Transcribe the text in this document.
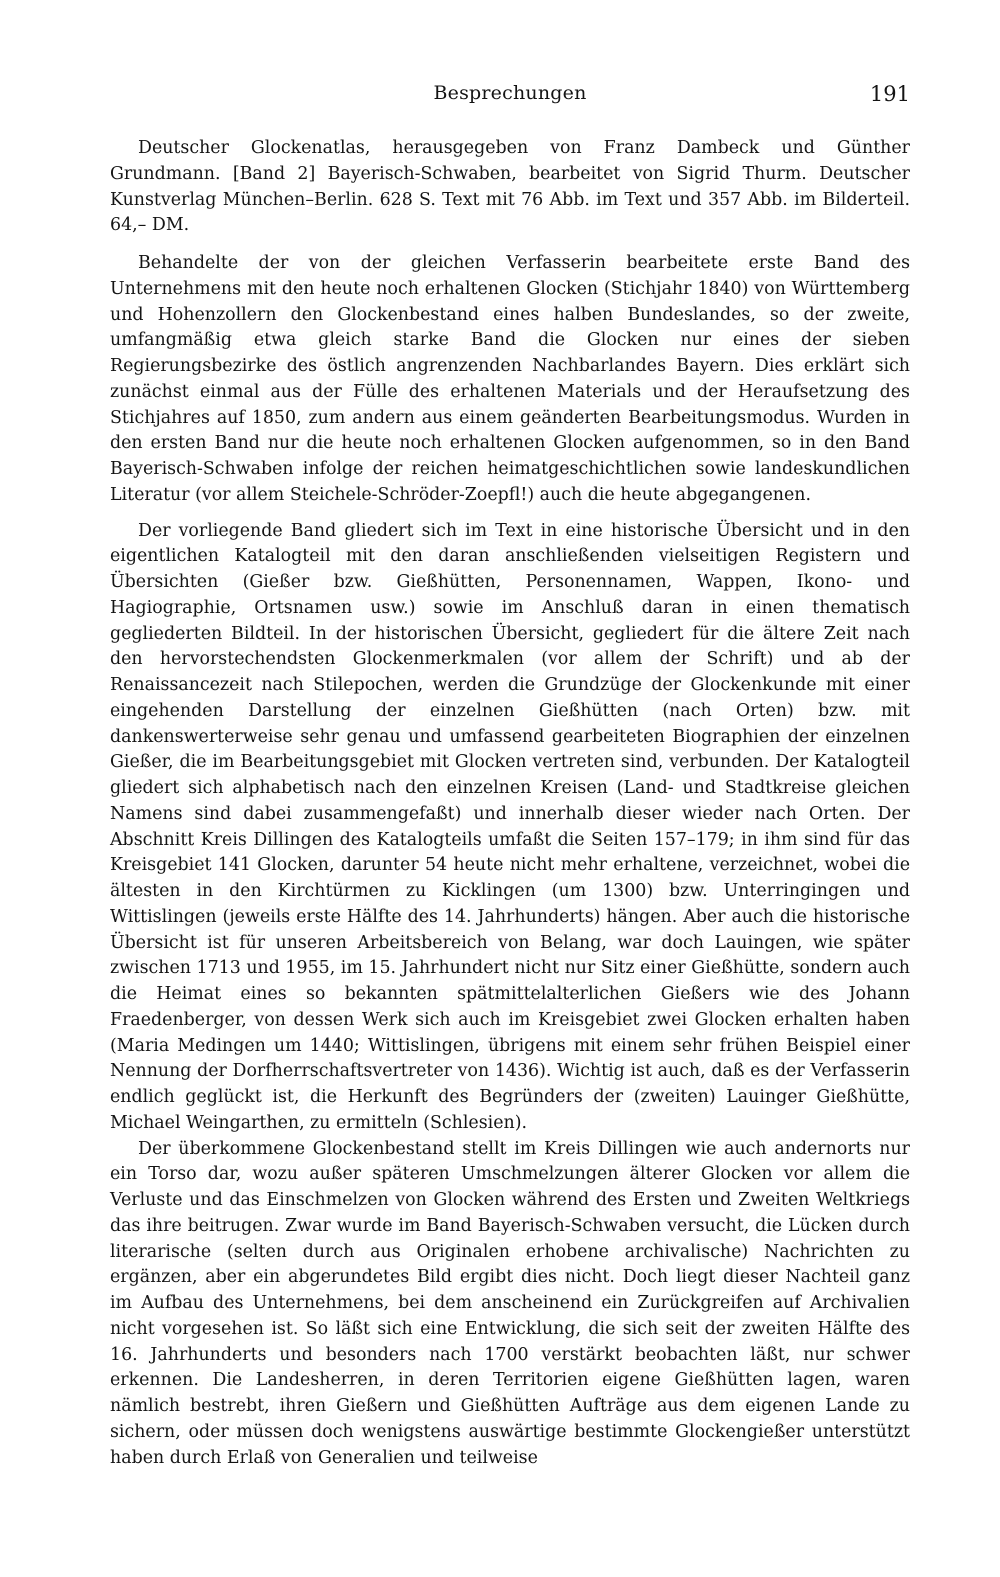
Besprechungen	191

Deutscher Glockenatlas, herausgegeben von Franz Dambeck und Günther Grundmann. [Band 2] Bayerisch-Schwaben, bearbeitet von Sigrid Thurm. Deutscher Kunstverlag München–Berlin. 628 S. Text mit 76 Abb. im Text und 357 Abb. im Bilderteil. 64,– DM.

Behandelte der von der gleichen Verfasserin bearbeitete erste Band des Unternehmens mit den heute noch erhaltenen Glocken (Stichjahr 1840) von Württemberg und Hohenzollern den Glockenbestand eines halben Bundeslandes, so der zweite, umfangmäßig etwa gleich starke Band die Glocken nur eines der sieben Regierungsbezirke des östlich angrenzenden Nachbarlandes Bayern. Dies erklärt sich zunächst einmal aus der Fülle des erhaltenen Materials und der Heraufsetzung des Stichjahres auf 1850, zum andern aus einem geänderten Bearbeitungsmodus. Wurden in den ersten Band nur die heute noch erhaltenen Glocken aufgenommen, so in den Band Bayerisch-Schwaben infolge der reichen heimatgeschichtlichen sowie landeskundlichen Literatur (vor allem Steichele-Schröder-Zoepfl!) auch die heute abgegangenen.

Der vorliegende Band gliedert sich im Text in eine historische Übersicht und in den eigentlichen Katalogteil mit den daran anschließenden vielseitigen Registern und Übersichten (Gießer bzw. Gießhütten, Personennamen, Wappen, Ikono- und Hagiographie, Ortsnamen usw.) sowie im Anschluß daran in einen thematisch gegliederten Bildteil. In der historischen Übersicht, gegliedert für die ältere Zeit nach den hervorstechendsten Glockenmerkmalen (vor allem der Schrift) und ab der Renaissancezeit nach Stilepochen, werden die Grundzüge der Glockenkunde mit einer eingehenden Darstellung der einzelnen Gießhütten (nach Orten) bzw. mit dankenswerterweise sehr genau und umfassend gearbeiteten Biographien der einzelnen Gießer, die im Bearbeitungsgebiet mit Glocken vertreten sind, verbunden. Der Katalogteil gliedert sich alphabetisch nach den einzelnen Kreisen (Land- und Stadtkreise gleichen Namens sind dabei zusammengefaßt) und innerhalb dieser wieder nach Orten. Der Abschnitt Kreis Dillingen des Katalogteils umfaßt die Seiten 157–179; in ihm sind für das Kreisgebiet 141 Glocken, darunter 54 heute nicht mehr erhaltene, verzeichnet, wobei die ältesten in den Kirchtürmen zu Kicklingen (um 1300) bzw. Unterringingen und Wittislingen (jeweils erste Hälfte des 14. Jahrhunderts) hängen. Aber auch die historische Übersicht ist für unseren Arbeitsbereich von Belang, war doch Lauingen, wie später zwischen 1713 und 1955, im 15. Jahrhundert nicht nur Sitz einer Gießhütte, sondern auch die Heimat eines so bekannten spätmittelalterlichen Gießers wie des Johann Fraedenberger, von dessen Werk sich auch im Kreisgebiet zwei Glocken erhalten haben (Maria Medingen um 1440; Wittislingen, übrigens mit einem sehr frühen Beispiel einer Nennung der Dorfherrschaftsvertreter von 1436). Wichtig ist auch, daß es der Verfasserin endlich geglückt ist, die Herkunft des Begründers der (zweiten) Lauinger Gießhütte, Michael Weingarthen, zu ermitteln (Schlesien).

Der überkommene Glockenbestand stellt im Kreis Dillingen wie auch andernorts nur ein Torso dar, wozu außer späteren Umschmelzungen älterer Glocken vor allem die Verluste und das Einschmelzen von Glocken während des Ersten und Zweiten Weltkriegs das ihre beitrugen. Zwar wurde im Band Bayerisch-Schwaben versucht, die Lücken durch literarische (selten durch aus Originalen erhobene archivalische) Nachrichten zu ergänzen, aber ein abgerundetes Bild ergibt dies nicht. Doch liegt dieser Nachteil ganz im Aufbau des Unternehmens, bei dem anscheinend ein Zurückgreifen auf Archivalien nicht vorgesehen ist. So läßt sich eine Entwicklung, die sich seit der zweiten Hälfte des 16. Jahrhunderts und besonders nach 1700 verstärkt beobachten läßt, nur schwer erkennen. Die Landesherren, in deren Territorien eigene Gießhütten lagen, waren nämlich bestrebt, ihren Gießern und Gießhütten Aufträge aus dem eigenen Lande zu sichern, oder müssen doch wenigstens auswärtige bestimmte Glockengießer unterstützt haben durch Erlaß von Generalien und teilweise
